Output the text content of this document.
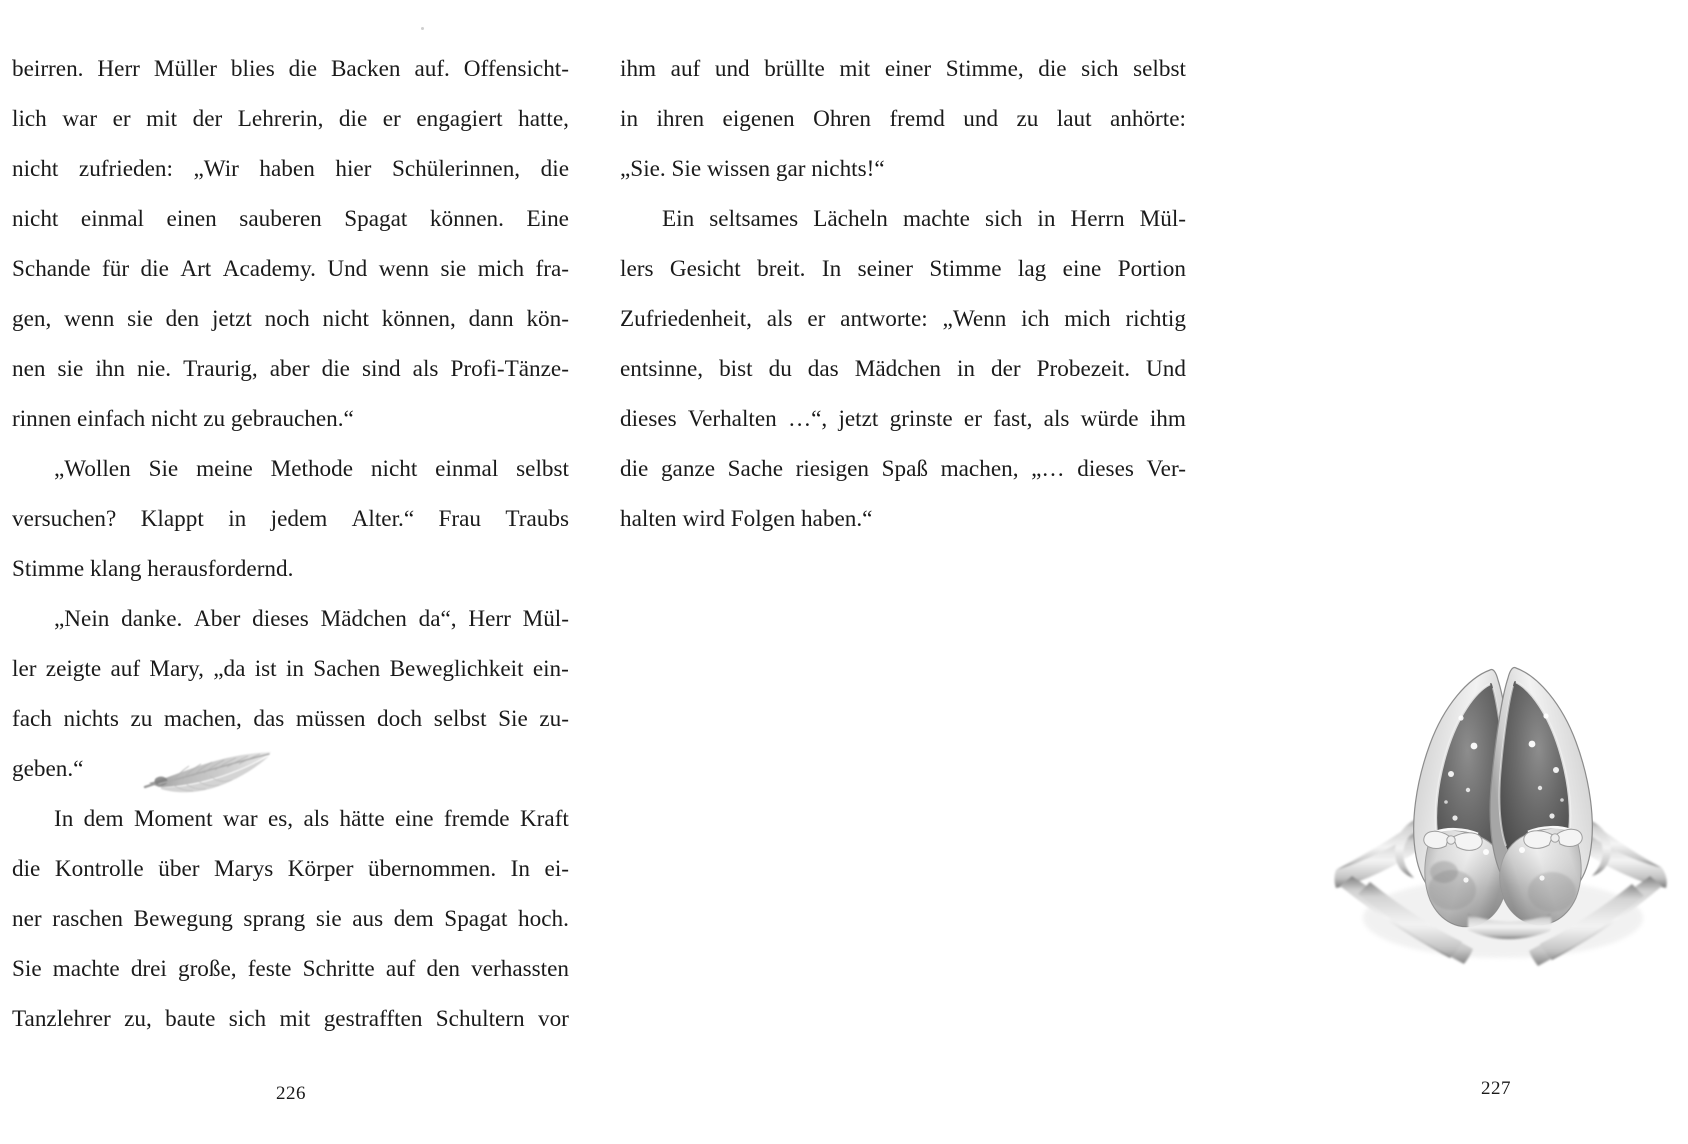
beirren. Herr Müller blies die Backen auf. Offensicht-
lich war er mit der Lehrerin, die er engagiert hatte,
nicht zufrieden: „Wir haben hier Schülerinnen, die
nicht einmal einen sauberen Spagat können. Eine
Schande für die Art Academy. Und wenn sie mich fra-
gen, wenn sie den jetzt noch nicht können, dann kön-
nen sie ihn nie. Traurig, aber die sind als Profi-Tänze-
rinnen einfach nicht zu gebrauchen.“
„Wollen Sie meine Methode nicht einmal selbst
versuchen? Klappt in jedem Alter.“ Frau Traubs
Stimme klang herausfordernd.
„Nein danke. Aber dieses Mädchen da“, Herr Mül-
ler zeigte auf Mary, „da ist in Sachen Beweglichkeit ein-
fach nichts zu machen, das müssen doch selbst Sie zu-
geben.“
In dem Moment war es, als hätte eine fremde Kraft
die Kontrolle über Marys Körper übernommen. In ei-
ner raschen Bewegung sprang sie aus dem Spagat hoch.
Sie machte drei große, feste Schritte auf den verhassten
Tanzlehrer zu, baute sich mit gestrafften Schultern vor
226
ihm auf und brüllte mit einer Stimme, die sich selbst
in ihren eigenen Ohren fremd und zu laut anhörte:
„Sie. Sie wissen gar nichts!“
Ein seltsames Lächeln machte sich in Herrn Mül-
lers Gesicht breit. In seiner Stimme lag eine Portion
Zufriedenheit, als er antworte: „Wenn ich mich richtig
entsinne, bist du das Mädchen in der Probezeit. Und
dieses Verhalten …“, jetzt grinste er fast, als würde ihm
die ganze Sache riesigen Spaß machen, „… dieses Ver-
halten wird Folgen haben.“
227
